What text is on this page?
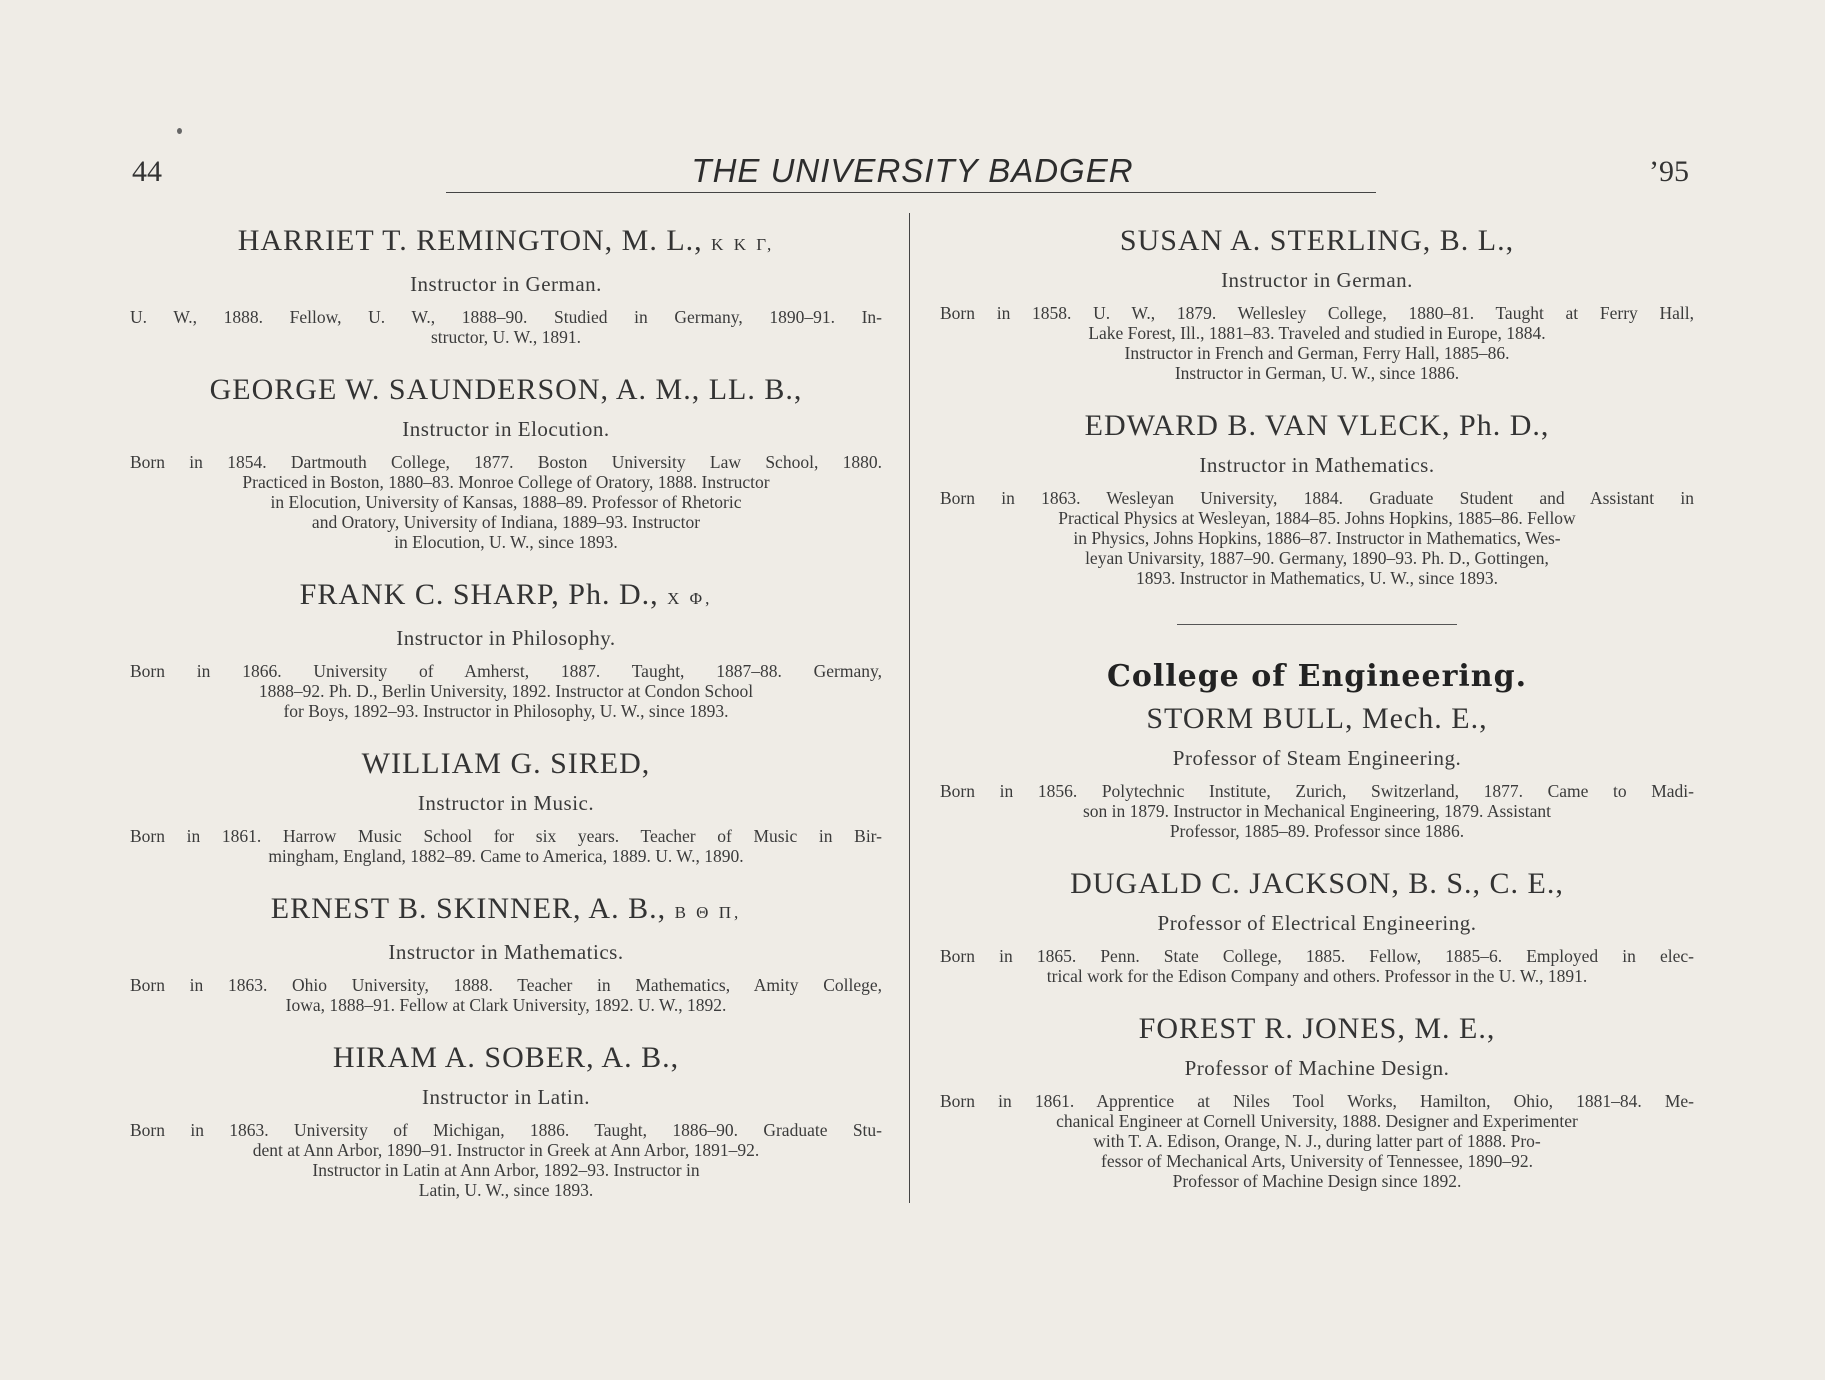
44	THE UNIVERSITY BADGER	’95
HARRIET T. REMINGTON, M. L., K K Γ,
Instructor in German.

U. W., 1888. Fellow, U. W., 1888–90. Studied in Germany, 1890–91. In-
structor, U. W., 1891.

GEORGE W. SAUNDERSON, A. M., LL. B.,
Instructor in Elocution.

Born in 1854. Dartmouth College, 1877. Boston University Law School, 1880.
Practiced in Boston, 1880–83. Monroe College of Oratory, 1888. Instructor
in Elocution, University of Kansas, 1888–89. Professor of Rhetoric
and Oratory, University of Indiana, 1889–93. Instructor
in Elocution, U. W., since 1893.

FRANK C. SHARP, Ph. D., X Φ,
Instructor in Philosophy.

Born in 1866. University of Amherst, 1887. Taught, 1887–88. Germany,
1888–92. Ph. D., Berlin University, 1892. Instructor at Condon School
for Boys, 1892–93. Instructor in Philosophy, U. W., since 1893.

WILLIAM G. SIRED,
Instructor in Music.

Born in 1861. Harrow Music School for six years. Teacher of Music in Bir-
mingham, England, 1882–89. Came to America, 1889. U. W., 1890.

ERNEST B. SKINNER, A. B., B Θ Π,
Instructor in Mathematics.

Born in 1863. Ohio University, 1888. Teacher in Mathematics, Amity College,
Iowa, 1888–91. Fellow at Clark University, 1892. U. W., 1892.

HIRAM A. SOBER, A. B.,
Instructor in Latin.

Born in 1863. University of Michigan, 1886. Taught, 1886–90. Graduate Stu-
dent at Ann Arbor, 1890–91. Instructor in Greek at Ann Arbor, 1891–92.
Instructor in Latin at Ann Arbor, 1892–93. Instructor in
Latin, U. W., since 1893.

SUSAN A. STERLING, B. L.,
Instructor in German.

Born in 1858. U. W., 1879. Wellesley College, 1880–81. Taught at Ferry Hall,
Lake Forest, Ill., 1881–83. Traveled and studied in Europe, 1884.
Instructor in French and German, Ferry Hall, 1885–86.
Instructor in German, U. W., since 1886.

EDWARD B. VAN VLECK, Ph. D.,
Instructor in Mathematics.

Born in 1863. Wesleyan University, 1884. Graduate Student and Assistant in
Practical Physics at Wesleyan, 1884–85. Johns Hopkins, 1885–86. Fellow
in Physics, Johns Hopkins, 1886–87. Instructor in Mathematics, Wes-
leyan Univarsity, 1887–90. Germany, 1890–93. Ph. D., Gottingen,
1893. Instructor in Mathematics, U. W., since 1893.

College of Engineering.
STORM BULL, Mech. E.,
Professor of Steam Engineering.

Born in 1856. Polytechnic Institute, Zurich, Switzerland, 1877. Came to Madi-
son in 1879. Instructor in Mechanical Engineering, 1879. Assistant
Professor, 1885–89. Professor since 1886.

DUGALD C. JACKSON, B. S., C. E.,
Professor of Electrical Engineering.

Born in 1865. Penn. State College, 1885. Fellow, 1885–6. Employed in elec-
trical work for the Edison Company and others. Professor in the U. W., 1891.

FOREST R. JONES, M. E.,
Professor of Machine Design.

Born in 1861. Apprentice at Niles Tool Works, Hamilton, Ohio, 1881–84. Me-
chanical Engineer at Cornell University, 1888. Designer and Experimenter
with T. A. Edison, Orange, N. J., during latter part of 1888. Pro-
fessor of Mechanical Arts, University of Tennessee, 1890–92.
Professor of Machine Design since 1892.
